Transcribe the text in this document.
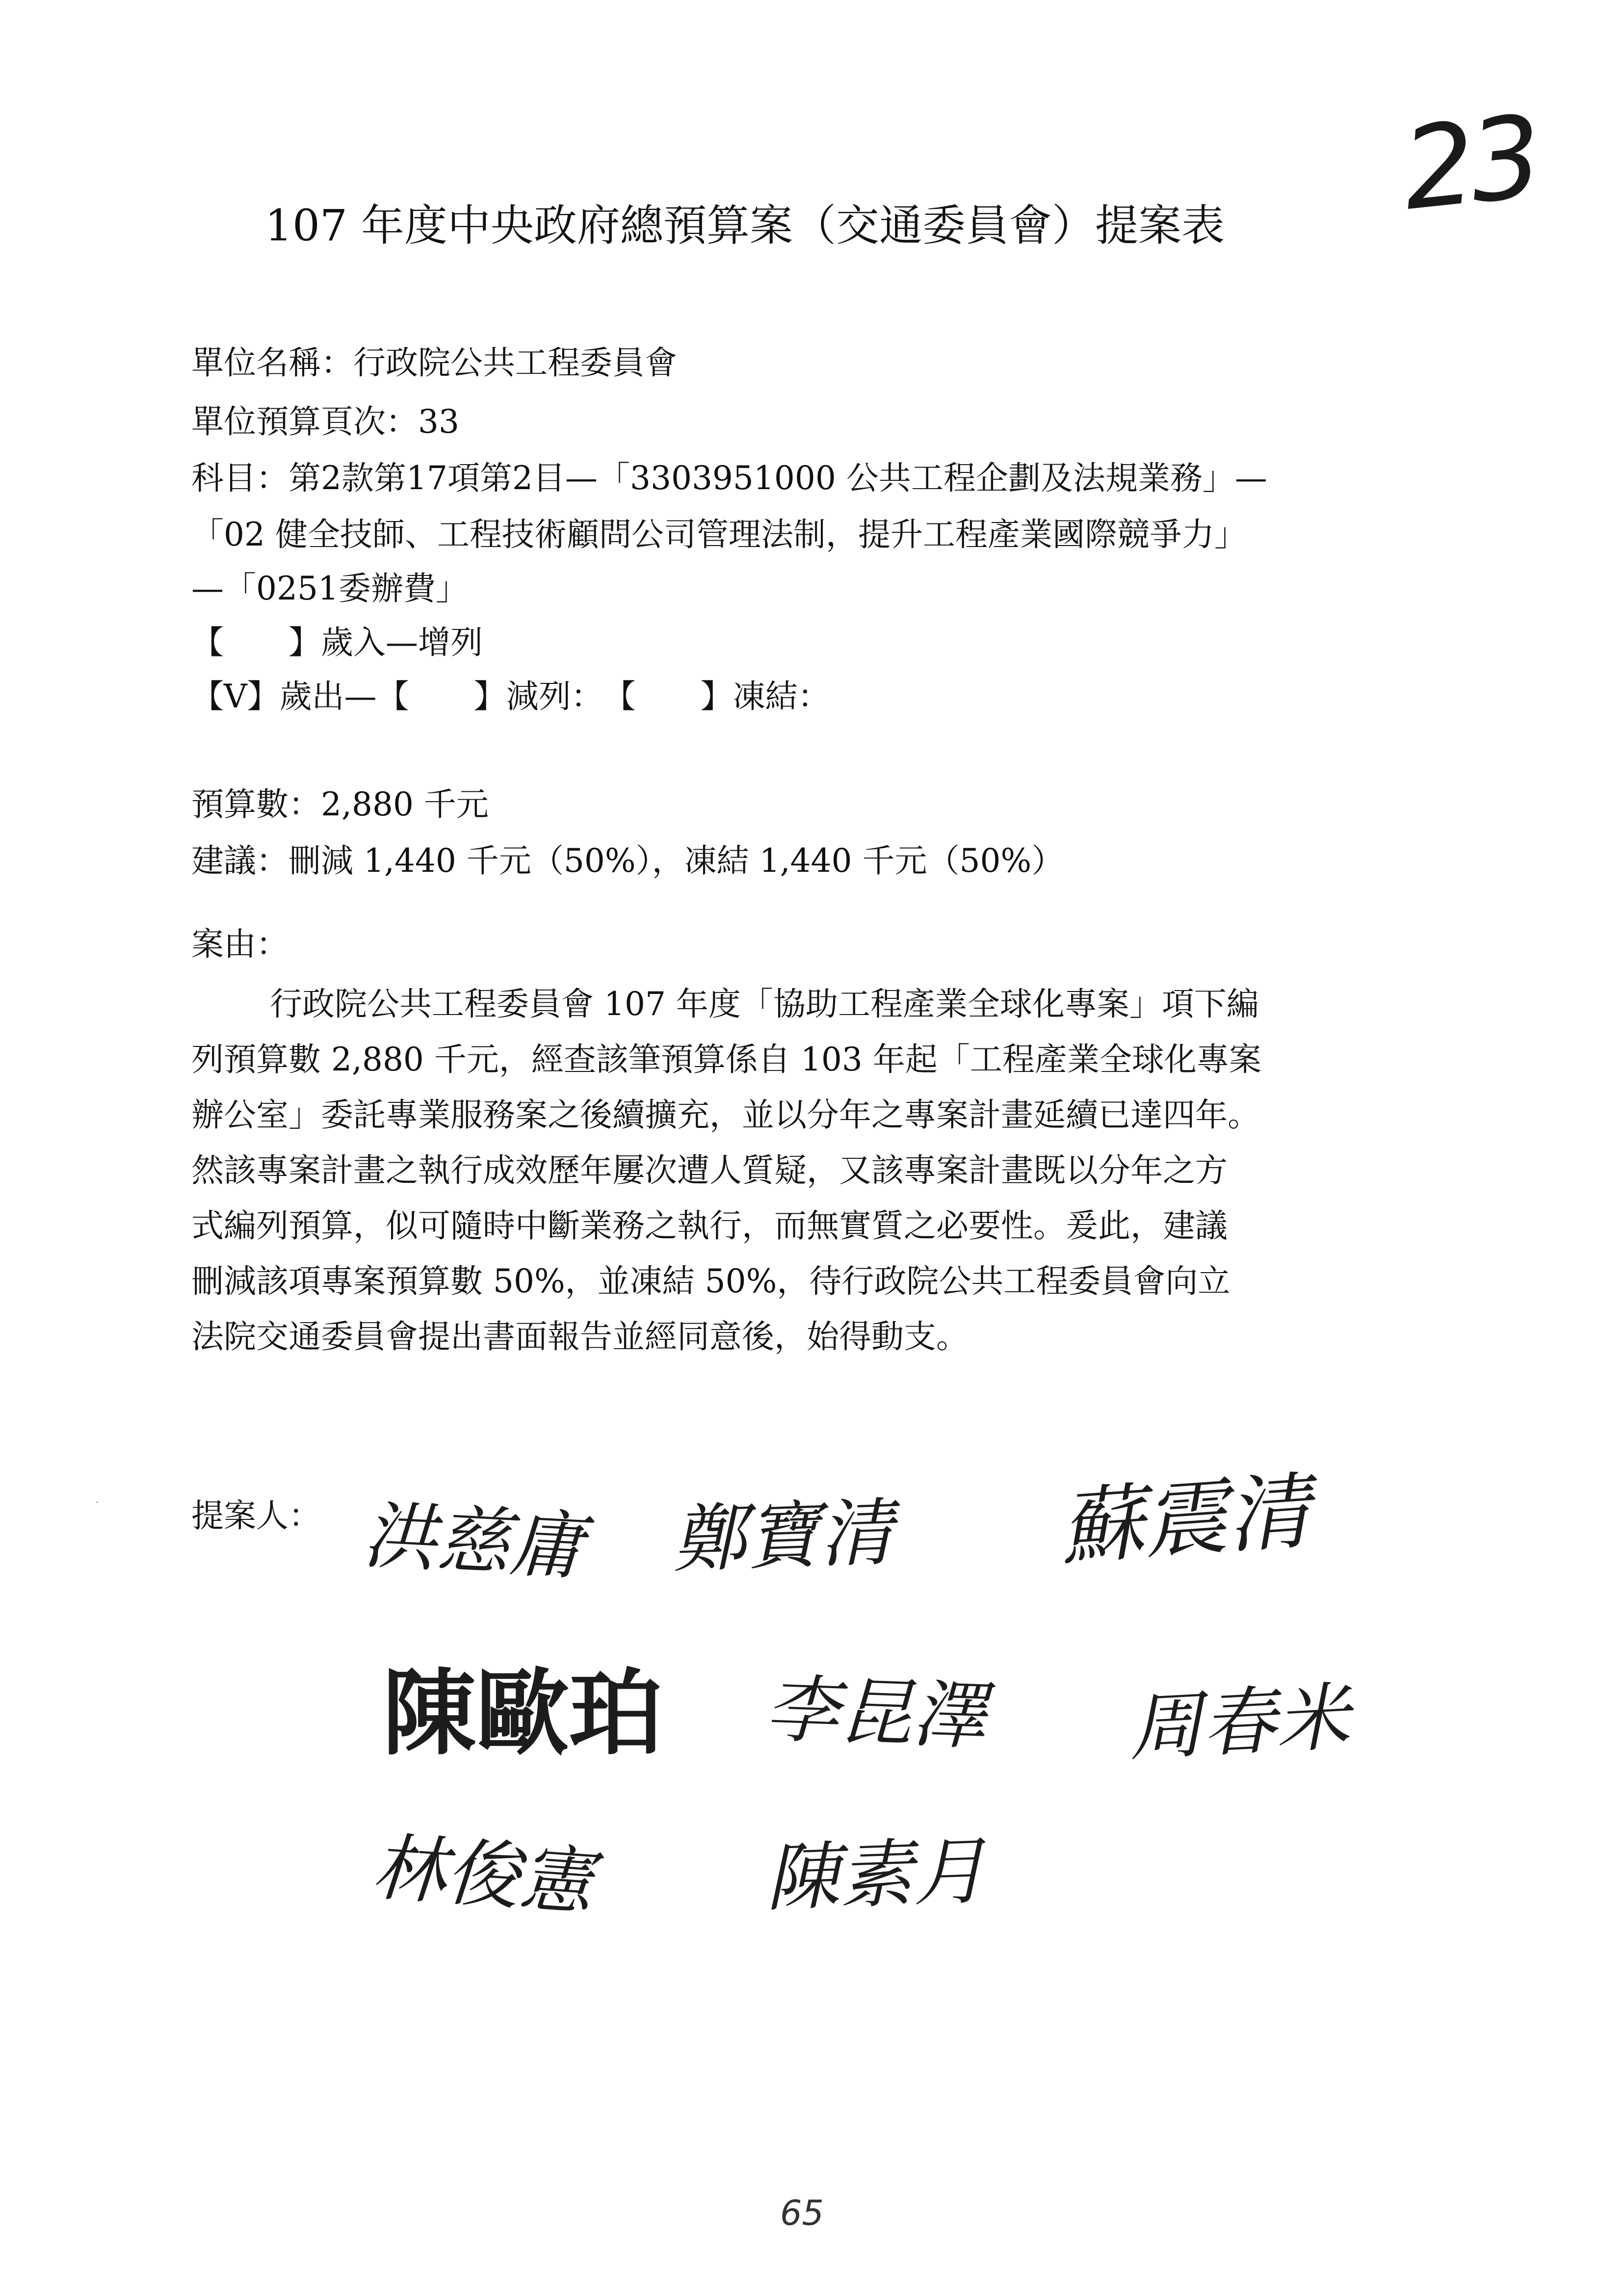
23
107 年度中央政府總預算案（交通委員會）提案表
單位名稱：行政院公共工程委員會
單位預算頁次：33
科目：第2款第17項第2目—「3303951000 公共工程企劃及法規業務」—
「02 健全技師、工程技術顧問公司管理法制，提升工程產業國際競爭力」
—「0251委辦費」
【　　】歲入—增列
【V】歲出—【　　】減列：　【　　】凍結：
預算數：2,880 千元
建議：刪減 1,440 千元（50%），凍結 1,440 千元（50%）
案由：
行政院公共工程委員會 107 年度「協助工程產業全球化專案」項下編
列預算數 2,880 千元，經查該筆預算係自 103 年起「工程產業全球化專案
辦公室」委託專業服務案之後續擴充，並以分年之專案計畫延續已達四年。
然該專案計畫之執行成效歷年屢次遭人質疑，又該專案計畫既以分年之方
式編列預算，似可隨時中斷業務之執行，而無實質之必要性。爰此，建議
刪減該項專案預算數 50%，並凍結 50%，待行政院公共工程委員會向立
法院交通委員會提出書面報告並經同意後，始得動支。
提案人： 洪慈庸 鄭寶清 蘇震清
陳歐珀 李昆澤 周春米
林俊憲 陳素月
65
